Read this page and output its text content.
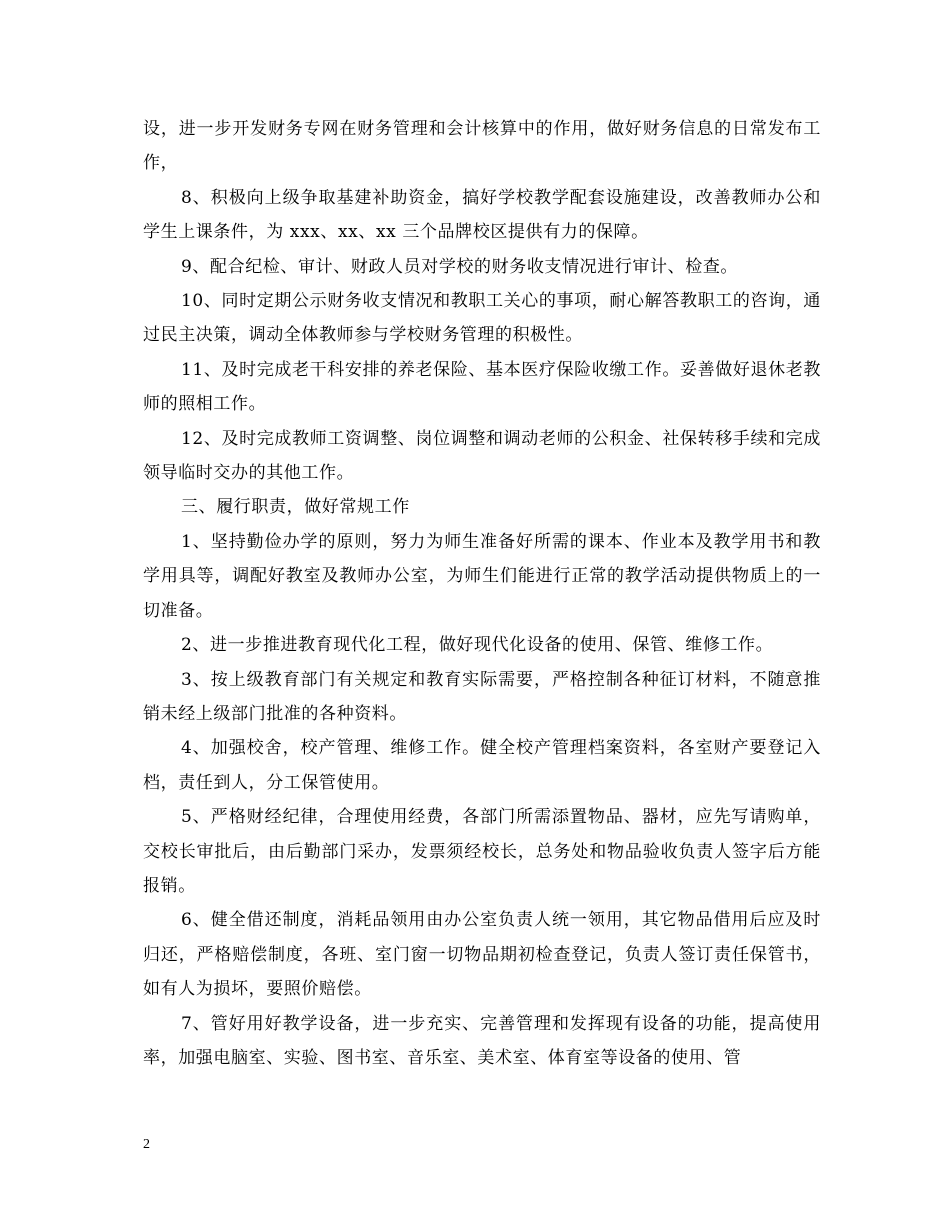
设，进一步开发财务专网在财务管理和会计核算中的作用，做好财务信息的日常发布工作，

8、积极向上级争取基建补助资金，搞好学校教学配套设施建设，改善教师办公和学生上课条件，为 xxx、xx、xx 三个品牌校区提供有力的保障。

9、配合纪检、审计、财政人员对学校的财务收支情况进行审计、检查。

10、同时定期公示财务收支情况和教职工关心的事项，耐心解答教职工的咨询，通过民主决策，调动全体教师参与学校财务管理的积极性。

11、及时完成老干科安排的养老保险、基本医疗保险收缴工作。妥善做好退休老教师的照相工作。

12、及时完成教师工资调整、岗位调整和调动老师的公积金、社保转移手续和完成领导临时交办的其他工作。

三、履行职责，做好常规工作

1、坚持勤俭办学的原则，努力为师生准备好所需的课本、作业本及教学用书和教学用具等，调配好教室及教师办公室，为师生们能进行正常的教学活动提供物质上的一切准备。

2、进一步推进教育现代化工程，做好现代化设备的使用、保管、维修工作。

3、按上级教育部门有关规定和教育实际需要，严格控制各种征订材料，不随意推销未经上级部门批准的各种资料。

4、加强校舍，校产管理、维修工作。健全校产管理档案资料，各室财产要登记入档，责任到人，分工保管使用。

5、严格财经纪律，合理使用经费，各部门所需添置物品、器材，应先写请购单，交校长审批后，由后勤部门采办，发票须经校长，总务处和物品验收负责人签字后方能报销。

6、健全借还制度，消耗品领用由办公室负责人统一领用，其它物品借用后应及时归还，严格赔偿制度，各班、室门窗一切物品期初检查登记，负责人签订责任保管书，如有人为损坏，要照价赔偿。

7、管好用好教学设备，进一步充实、完善管理和发挥现有设备的功能，提高使用率，加强电脑室、实验、图书室、音乐室、美术室、体育室等设备的使用、管

2
